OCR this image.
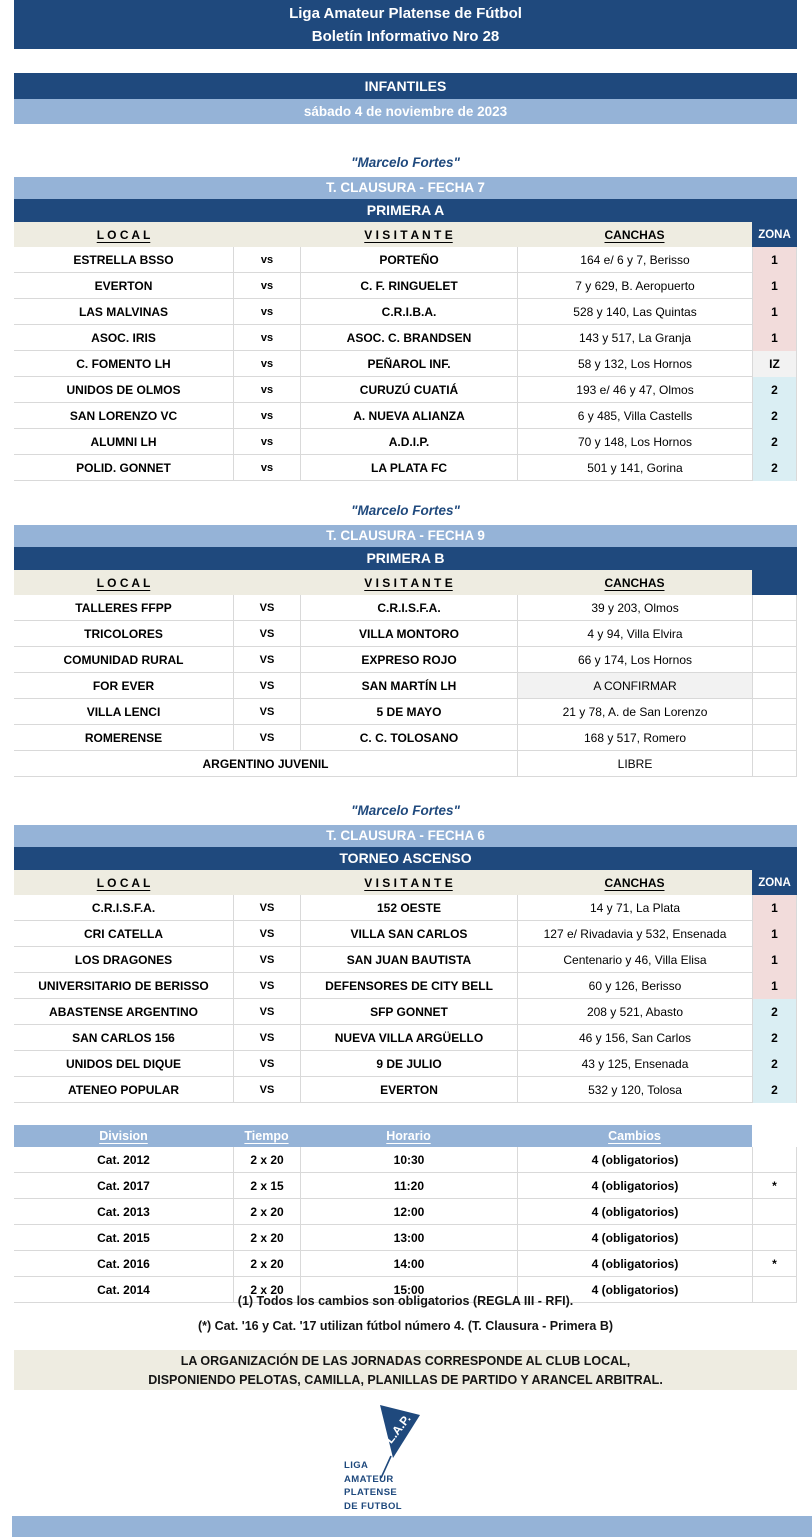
Liga Amateur Platense de Fútbol
Boletín Informativo Nro 28
INFANTILES
sábado 4 de noviembre de 2023
"Marcelo Fortes"
T. CLAUSURA - FECHA 7
PRIMERA A
L O C A L	V I S I T A N T E	CANCHAS	ZONA
ESTRELLA BSSO	vs	PORTEÑO	164 e/ 6 y 7, Berisso	1
EVERTON	vs	C. F. RINGUELET	7 y 629, B. Aeropuerto	1
LAS MALVINAS	vs	C.R.I.B.A.	528 y 140, Las Quintas	1
ASOC. IRIS	vs	ASOC. C. BRANDSEN	143 y 517, La Granja	1
C. FOMENTO LH	vs	PEÑAROL INF.	58 y 132, Los Hornos	IZ
UNIDOS DE OLMOS	vs	CURUZÚ CUATIÁ	193 e/ 46 y 47, Olmos	2
SAN LORENZO VC	vs	A. NUEVA ALIANZA	6 y 485, Villa Castells	2
ALUMNI LH	vs	A.D.I.P.	70 y 148, Los Hornos	2
POLID. GONNET	vs	LA PLATA FC	501 y 141, Gorina	2
"Marcelo Fortes"
T. CLAUSURA - FECHA 9
PRIMERA B
L O C A L	V I S I T A N T E	CANCHAS
TALLERES FFPP	VS	C.R.I.S.F.A.	39 y 203, Olmos
TRICOLORES	VS	VILLA MONTORO	4 y 94, Villa Elvira
COMUNIDAD RURAL	VS	EXPRESO ROJO	66 y 174, Los Hornos
FOR EVER	VS	SAN MARTÍN LH	A CONFIRMAR
VILLA LENCI	VS	5 DE MAYO	21 y 78, A. de San Lorenzo
ROMERENSE	VS	C. C. TOLOSANO	168 y 517, Romero
ARGENTINO JUVENIL	LIBRE
"Marcelo Fortes"
T. CLAUSURA - FECHA 6
TORNEO ASCENSO
L O C A L	V I S I T A N T E	CANCHAS	ZONA
C.R.I.S.F.A.	VS	152 OESTE	14 y 71, La Plata	1
CRI CATELLA	VS	VILLA SAN CARLOS	127 e/ Rivadavia y 532, Ensenada	1
LOS DRAGONES	VS	SAN JUAN BAUTISTA	Centenario y 46, Villa Elisa	1
UNIVERSITARIO DE BERISSO	VS	DEFENSORES DE CITY BELL	60 y 126, Berisso	1
ABASTENSE ARGENTINO	VS	SFP GONNET	208 y 521, Abasto	2
SAN CARLOS 156	VS	NUEVA VILLA ARGÜELLO	46 y 156, San Carlos	2
UNIDOS DEL DIQUE	VS	9 DE JULIO	43 y 125, Ensenada	2
ATENEO POPULAR	VS	EVERTON	532 y 120, Tolosa	2
Division	Tiempo	Horario	Cambios
Cat. 2012	2 x 20	10:30	4 (obligatorios)
Cat. 2017	2 x 15	11:20	4 (obligatorios)	*
Cat. 2013	2 x 20	12:00	4 (obligatorios)
Cat. 2015	2 x 20	13:00	4 (obligatorios)
Cat. 2016	2 x 20	14:00	4 (obligatorios)	*
Cat. 2014	2 x 20	15:00	4 (obligatorios)
(1) Todos los cambios son obligatorios (REGLA III - RFI).
(*) Cat. '16 y Cat. '17 utilizan fútbol número 4. (T. Clausura - Primera B)
LA ORGANIZACIÓN DE LAS JORNADAS CORRESPONDE AL CLUB LOCAL,
DISPONIENDO PELOTAS, CAMILLA, PLANILLAS DE PARTIDO Y ARANCEL ARBITRAL.
L.A.P.
LIGA
AMATEUR
PLATENSE
DE FUTBOL
